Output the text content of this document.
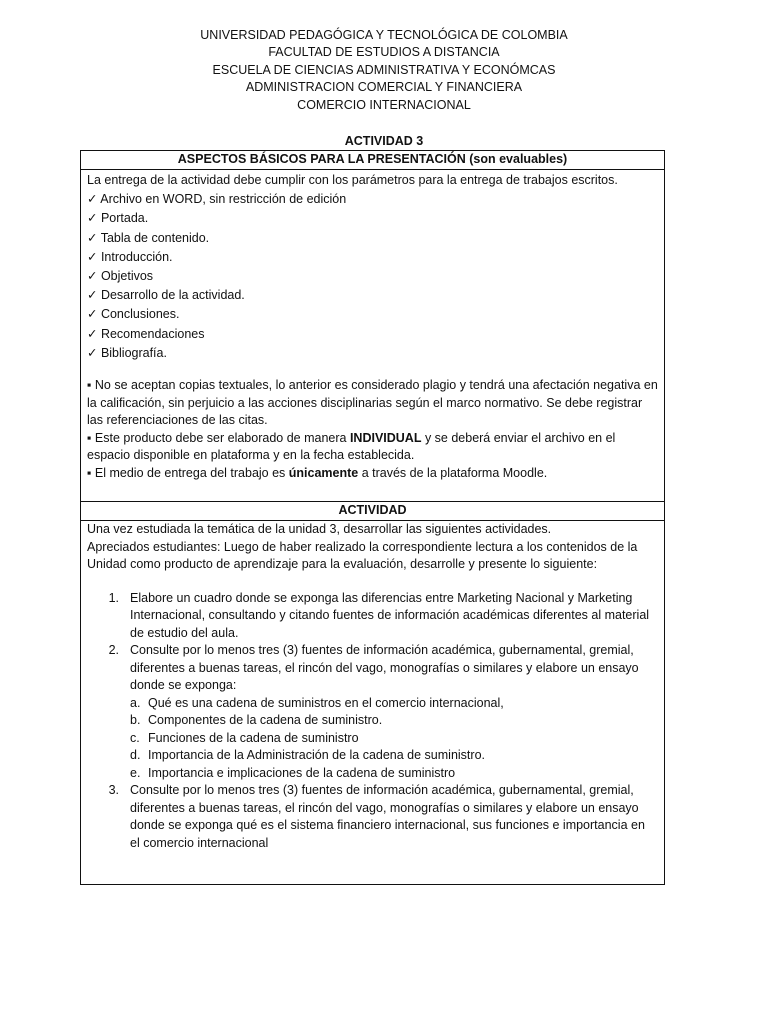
UNIVERSIDAD PEDAGÓGICA Y TECNOLÓGICA DE COLOMBIA
FACULTAD DE ESTUDIOS A DISTANCIA
ESCUELA DE CIENCIAS ADMINISTRATIVA Y ECONÓMCAS
ADMINISTRACION COMERCIAL Y FINANCIERA
COMERCIO INTERNACIONAL
ACTIVIDAD 3
ASPECTOS BÁSICOS PARA LA PRESENTACIÓN (son evaluables)
La entrega de la actividad debe cumplir con los parámetros para la entrega de trabajos escritos.
✓ Archivo en WORD, sin restricción de edición
✓ Portada.
✓ Tabla de contenido.
✓ Introducción.
✓ Objetivos
✓ Desarrollo de la actividad.
✓ Conclusiones.
✓ Recomendaciones
✓ Bibliografía.
▪ No se aceptan copias textuales, lo anterior es considerado plagio y tendrá una afectación negativa en la calificación, sin perjuicio a las acciones disciplinarias según el marco normativo. Se debe registrar las referenciaciones de las citas.
▪ Este producto debe ser elaborado de manera INDIVIDUAL y se deberá enviar el archivo en el espacio disponible en plataforma y en la fecha establecida.
▪ El medio de entrega del trabajo es únicamente a través de la plataforma Moodle.
ACTIVIDAD
Una vez estudiada la temática de la unidad 3, desarrollar las siguientes actividades.
Apreciados estudiantes: Luego de haber realizado la correspondiente lectura a los contenidos de la Unidad como producto de aprendizaje para la evaluación, desarrolle y presente lo siguiente:
1. Elabore un cuadro donde se exponga las diferencias entre Marketing Nacional y Marketing Internacional, consultando y citando fuentes de información académicas diferentes al material de estudio del aula.
2. Consulte por lo menos tres (3) fuentes de información académica, gubernamental, gremial, diferentes a buenas tareas, el rincón del vago, monografías o similares y elabore un ensayo donde se exponga:
a. Qué es una cadena de suministros en el comercio internacional,
b. Componentes de la cadena de suministro.
c. Funciones de la cadena de suministro
d. Importancia de la Administración de la cadena de suministro.
e. Importancia e implicaciones de la cadena de suministro
3. Consulte por lo menos tres (3) fuentes de información académica, gubernamental, gremial, diferentes a buenas tareas, el rincón del vago, monografías o similares y elabore un ensayo donde se exponga qué es el sistema financiero internacional, sus funciones e importancia en el comercio internacional
